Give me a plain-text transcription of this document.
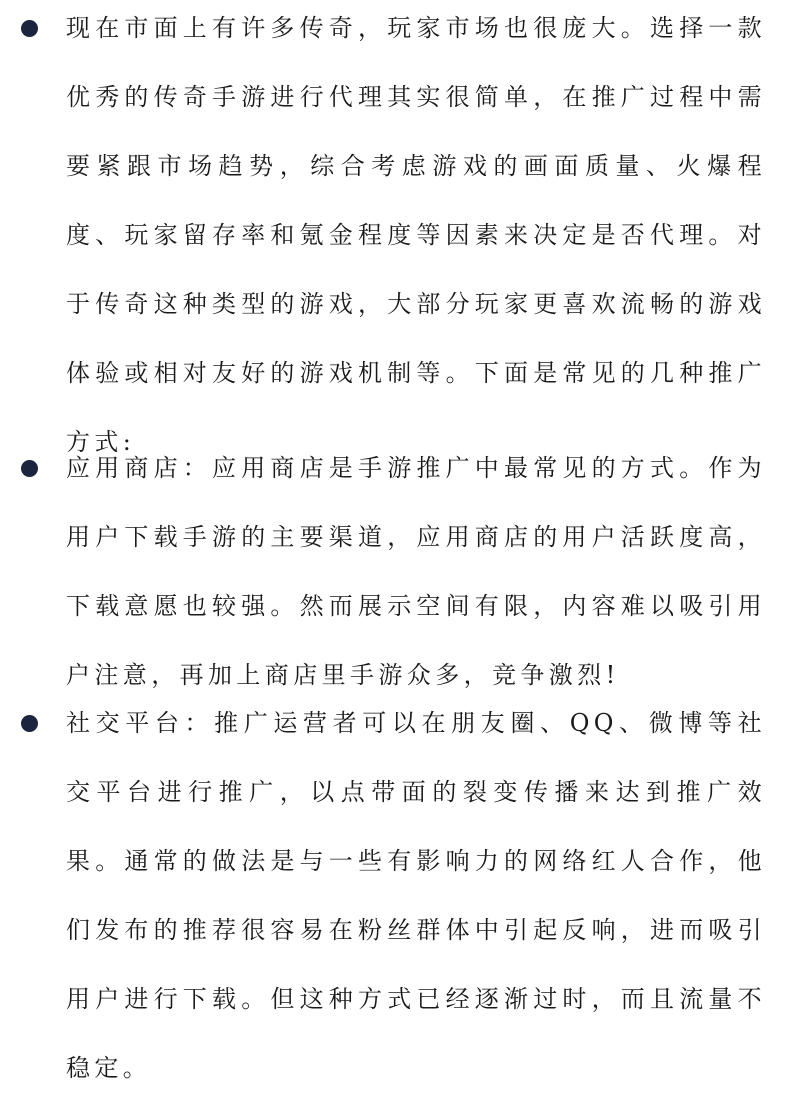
现在市面上有许多传奇，玩家市场也很庞大。选择一款优秀的传奇手游进行代理其实很简单，在推广过程中需要紧跟市场趋势，综合考虑游戏的画面质量、火爆程度、玩家留存率和氪金程度等因素来决定是否代理。对于传奇这种类型的游戏，大部分玩家更喜欢流畅的游戏体验或相对友好的游戏机制等。下面是常见的几种推广方式:

应用商店：应用商店是手游推广中最常见的方式。作为用户下载手游的主要渠道，应用商店的用户活跃度高，下载意愿也较强。然而展示空间有限，内容难以吸引用户注意，再加上商店里手游众多，竞争激烈!

社交平台：推广运营者可以在朋友圈、QQ、微博等社交平台进行推广，以点带面的裂变传播来达到推广效果。通常的做法是与一些有影响力的网络红人合作，他们发布的推荐很容易在粉丝群体中引起反响，进而吸引用户进行下载。但这种方式已经逐渐过时，而且流量不稳定。
